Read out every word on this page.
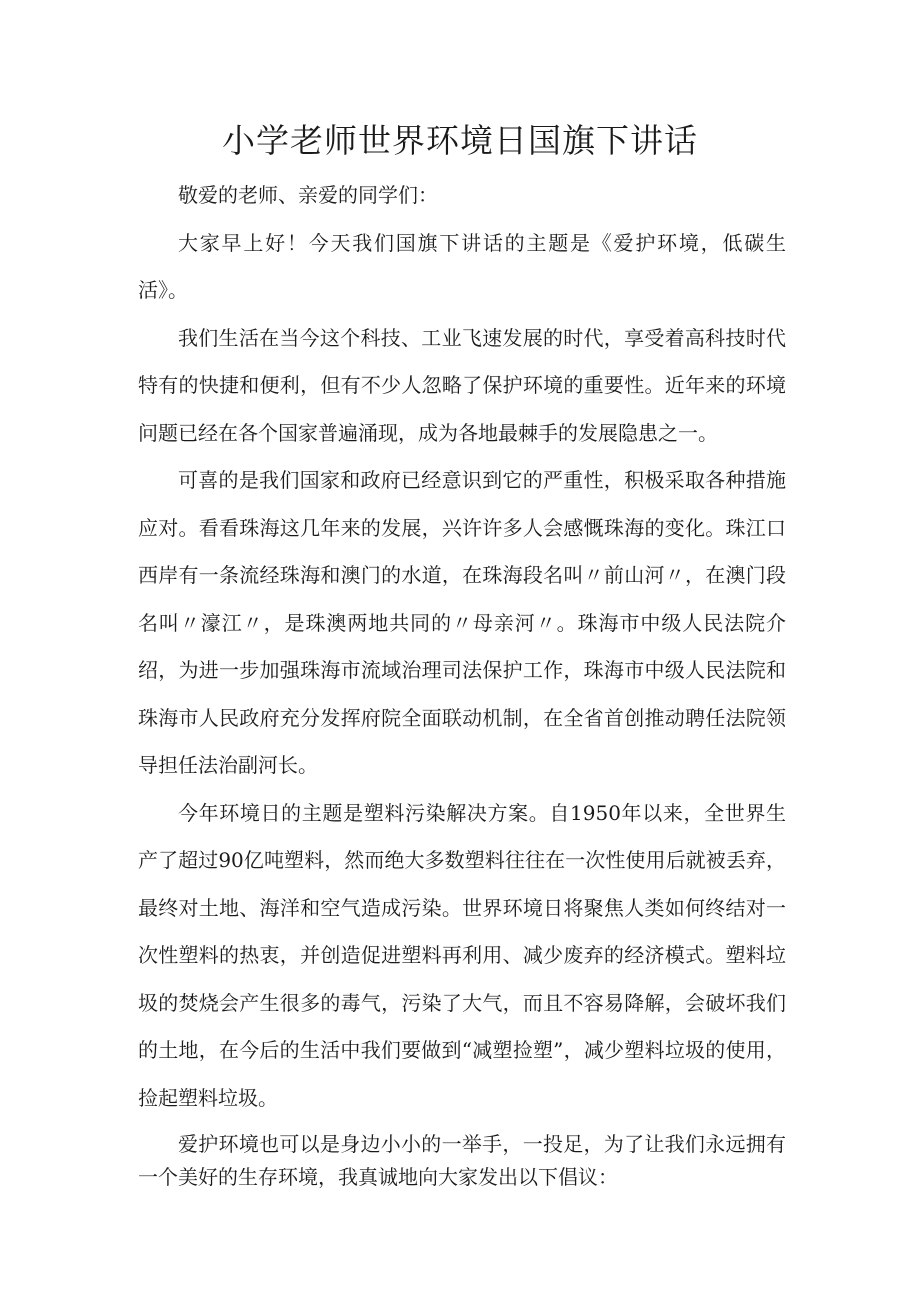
小学老师世界环境日国旗下讲话

敬爱的老师、亲爱的同学们：

大家早上好！今天我们国旗下讲话的主题是《爱护环境，低碳生活》。

我们生活在当今这个科技、工业飞速发展的时代，享受着高科技时代特有的快捷和便利，但有不少人忽略了保护环境的重要性。近年来的环境问题已经在各个国家普遍涌现，成为各地最棘手的发展隐患之一。

可喜的是我们国家和政府已经意识到它的严重性，积极采取各种措施应对。看看珠海这几年来的发展，兴许许多人会感慨珠海的变化。珠江口西岸有一条流经珠海和澳门的水道，在珠海段名叫〃前山河〃，在澳门段名叫〃濠江〃，是珠澳两地共同的〃母亲河〃。珠海市中级人民法院介绍，为进一步加强珠海市流域治理司法保护工作，珠海市中级人民法院和珠海市人民政府充分发挥府院全面联动机制，在全省首创推动聘任法院领导担任法治副河长。

今年环境日的主题是塑料污染解决方案。自1950年以来，全世界生产了超过90亿吨塑料，然而绝大多数塑料往往在一次性使用后就被丢弃，最终对土地、海洋和空气造成污染。世界环境日将聚焦人类如何终结对一次性塑料的热衷，并创造促进塑料再利用、减少废弃的经济模式。塑料垃圾的焚烧会产生很多的毒气，污染了大气，而且不容易降解，会破坏我们的土地，在今后的生活中我们要做到“减塑捡塑”，减少塑料垃圾的使用，捡起塑料垃圾。

爱护环境也可以是身边小小的一举手，一投足，为了让我们永远拥有一个美好的生存环境，我真诚地向大家发出以下倡议：
